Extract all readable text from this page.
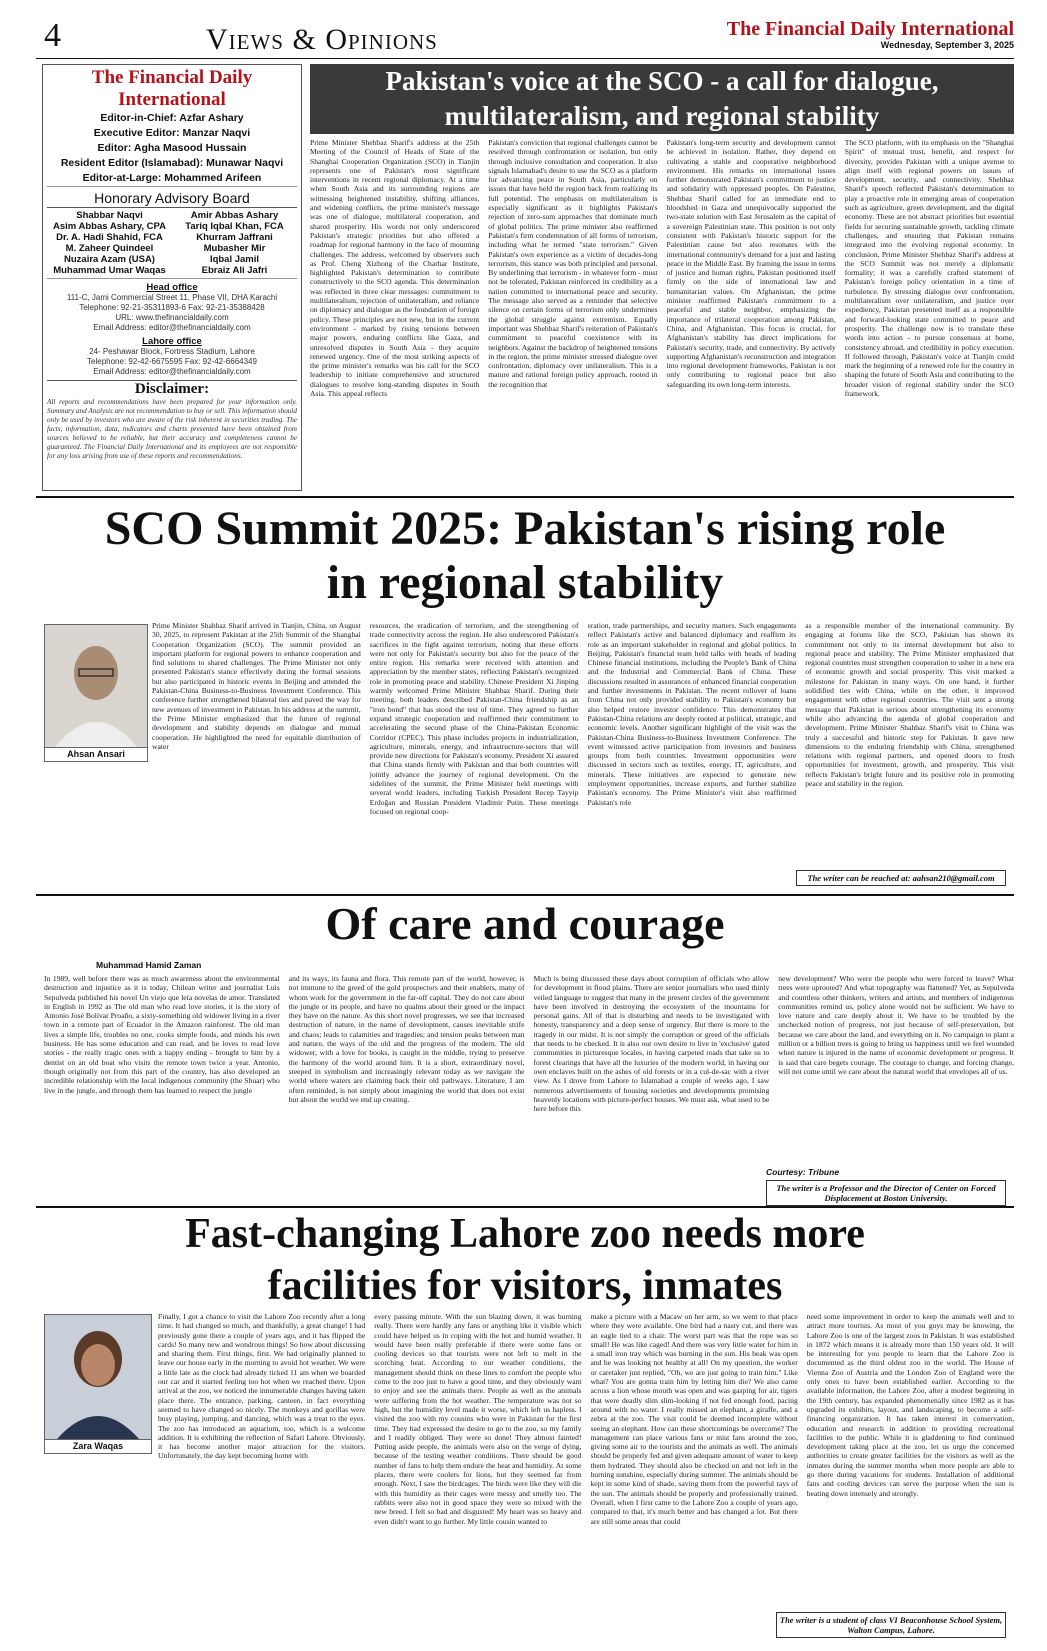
4	Views & Opinions	The Financial Daily International
Wednesday, September 3, 2025
The Financial Daily International
Editor-in-Chief: Azfar Ashary
Executive Editor: Manzar Naqvi
Editor: Agha Masood Hussain
Resident Editor (Islamabad): Munawar Naqvi
Editor-at-Large: Mohammed Arifeen
Honorary Advisory Board
Shabbar Naqvi
Asim Abbas Ashary, CPA
Dr. A. Hadi Shahid, FCA
M. Zaheer Quindeel
Nuzaira Azam (USA)
Muhammad Umar Waqas
Amir Abbas Ashary
Tariq Iqbal Khan, FCA
Khurram Jaffrani
Mubasher Mir
Iqbal Jamil
Ebraiz Ali Jafri
Head office
111-C, Jami Commercial Street 11, Phase VII, DHA Karachi
Telephone: 92-21-35311893-6 Fax: 92-21-35388428
URL: www.thefinancialdaily.com
Email Address: editor@thefinancialdaily.com
Lahore office
24- Peshawar Block, Fortress Stadium, Lahore
Telephone: 92-42-6675595 Fax: 92-42-6664349
Email Address: editor@thefinancialdaily.com
Disclaimer:
All reports and recommendations have been prepared for your information only. Summary and Analysis are not recommendation to buy or sell. This information should only be used by investors who are aware of the risk inherent in securities trading. The facts, information, data, indicators and charts presented have been obtained from sources believed to be reliable, but their accuracy and completeness cannot be guaranteed. The Financial Daily International and its employees are not responsible for any loss arising from use of these reports and recommendations.
Pakistan's voice at the SCO - a call for dialogue,
multilateralism, and regional stability
Prime Minister Shehbaz Sharif's address at the 25th Meeting of the Council of Heads of State of the Shanghai Cooperation Organization (SCO) in Tianjin represents one of Pakistan's most significant interventions in recent regional diplomacy. At a time when South Asia and its surrounding regions are witnessing heightened instability, shifting alliances, and widening conflicts, the prime minister's message was one of dialogue, multilateral cooperation, and shared prosperity. His words not only underscored Pakistan's strategic priorities but also offered a roadmap for regional harmony in the face of mounting challenges. The address, welcomed by observers such as Prof. Cheng Xizhong of the Charhar Institute, highlighted Pakistan's determination to contribute constructively to the SCO agenda. This determination was reflected in three clear messages: commitment to multilateralism, rejection of unilateralism, and reliance on diplomacy and dialogue as the foundation of foreign policy. These principles are not new, but in the current environment - marked by rising tensions between major powers, enduring conflicts like Gaza, and unresolved disputes in South Asia - they acquire renewed urgency. One of the most striking aspects of the prime minister's remarks was his call for the SCO leadership to initiate comprehensive and structured dialogues to resolve long-standing disputes in South Asia. This appeal reflects
Pakistan's conviction that regional challenges cannot be resolved through confrontation or isolation, but only through inclusive consultation and cooperation. It also signals Islamabad's desire to use the SCO as a platform for advancing peace in South Asia, particularly on issues that have held the region back from realizing its full potential. The emphasis on multilateralism is especially significant as it highlights Pakistan's rejection of zero-sum approaches that dominate much of global politics. The prime minister also reaffirmed Pakistan's firm condemnation of all forms of terrorism, including what he termed "state terrorism." Given Pakistan's own experience as a victim of decades-long terrorism, this stance was both principled and personal. By underlining that terrorism - in whatever form - must not be tolerated, Pakistan reinforced its credibility as a nation committed to international peace and security. The message also served as a reminder that selective silence on certain forms of terrorism only undermines the global struggle against extremism. Equally important was Shehbaz Sharif's reiteration of Pakistan's commitment to peaceful coexistence with its neighbors. Against the backdrop of heightened tensions in the region, the prime minister stressed dialogue over confrontation, diplomacy over unilateralism. This is a mature and rational foreign policy approach, rooted in the recognition that
Pakistan's long-term security and development cannot be achieved in isolation. Rather, they depend on cultivating a stable and cooperative neighborhood environment. His remarks on international issues further demonstrated Pakistan's commitment to justice and solidarity with oppressed peoples. On Palestine, Shehbaz Sharif called for an immediate end to bloodshed in Gaza and unequivocally supported the two-state solution with East Jerusalem as the capital of a sovereign Palestinian state. This position is not only consistent with Pakistan's historic support for the Palestinian cause but also resonates with the international community's demand for a just and lasting peace in the Middle East. By framing the issue in terms of justice and human rights, Pakistan positioned itself firmly on the side of international law and humanitarian values. On Afghanistan, the prime minister reaffirmed Pakistan's commitment to a peaceful and stable neighbor, emphasizing the importance of trilateral cooperation among Pakistan, China, and Afghanistan. This focus is crucial, for Afghanistan's stability has direct implications for Pakistan's security, trade, and connectivity. By actively supporting Afghanistan's reconstruction and integration into regional development frameworks, Pakistan is not only contributing to regional peace but also safeguarding its own long-term interests.
The SCO platform, with its emphasis on the "Shanghai Spirit" of mutual trust, benefit, and respect for diversity, provides Pakistan with a unique avenue to align itself with regional powers on issues of development, security, and connectivity. Shehbaz Sharif's speech reflected Pakistan's determination to play a proactive role in emerging areas of cooperation such as agriculture, green development, and the digital economy. These are not abstract priorities but essential fields for securing sustainable growth, tackling climate challenges, and ensuring that Pakistan remains integrated into the evolving regional economy. In conclusion, Prime Minister Shehbaz Sharif's address at the SCO Summit was not merely a diplomatic formality; it was a carefully crafted statement of Pakistan's foreign policy orientation in a time of turbulence. By stressing dialogue over confrontation, multilateralism over unilateralism, and justice over expediency, Pakistan presented itself as a responsible and forward-looking state committed to peace and prosperity. The challenge now is to translate these words into action - to pursue consensus at home, consistency abroad, and credibility in policy execution. If followed through, Pakistan's voice at Tianjin could mark the beginning of a renewed role for the country in shaping the future of South Asia and contributing to the broader vision of regional stability under the SCO framework.
SCO Summit 2025: Pakistan's rising role
in regional stability
Ahsan Ansari
Prime Minister Shahbaz Sharif arrived in Tianjin, China, on August 30, 2025, to represent Pakistan at the 25th Summit of the Shanghai Cooperation Organization (SCO). The summit provided an important platform for regional powers to enhance cooperation and find solutions to shared challenges. The Prime Minister not only presented Pakistan's stance effectively during the formal sessions but also participated in historic events in Beijing and attended the Pakistan-China Business-to-Business Investment Conference. This conference further strengthened bilateral ties and paved the way for new avenues of investment in Pakistan. In his address at the summit, the Prime Minister emphasized that the future of regional development and stability depends on dialogue and mutual cooperation. He highlighted the need for equitable distribution of water
resources, the eradication of terrorism, and the strengthening of trade connectivity across the region. He also underscored Pakistan's sacrifices in the fight against terrorism, noting that these efforts were not only for Pakistan's security but also for the peace of the entire region. His remarks were received with attention and appreciation by the member states, reflecting Pakistan's recognized role in promoting peace and stability. Chinese President Xi Jinping warmly welcomed Prime Minister Shahbaz Sharif. During their meeting, both leaders described Pakistan-China friendship as an "iron bond" that has stood the test of time. They agreed to further expand strategic cooperation and reaffirmed their commitment to accelerating the second phase of the China-Pakistan Economic Corridor (CPEC). This phase includes projects in industrialization, agriculture, minerals, energy, and infrastructure-sectors that will provide new directions for Pakistan's economy. President Xi assured that China stands firmly with Pakistan and that both countries will jointly advance the journey of regional development. On the sidelines of the summit, the Prime Minister held meetings with several world leaders, including Turkish President Recep Tayyip Erdoğan and Russian President Vladimir Putin. These meetings focused on regional coop-
eration, trade partnerships, and security matters. Such engagements reflect Pakistan's active and balanced diplomacy and reaffirm its role as an important stakeholder in regional and global politics. In Beijing, Pakistan's financial team held talks with heads of leading Chinese financial institutions, including the People's Bank of China and the Industrial and Commercial Bank of China. These discussions resulted in assurances of enhanced financial cooperation and further investments in Pakistan. The recent rollover of loans from China not only provided stability to Pakistan's economy but also helped restore investor confidence. This demonstrates that Pakistan-China relations are deeply rooted at political, strategic, and economic levels. Another significant highlight of the visit was the Pakistan-China Business-to-Business Investment Conference. The event witnessed active participation from investors and business groups from both countries. Investment opportunities were discussed in sectors such as textiles, energy, IT, agriculture, and minerals. These initiatives are expected to generate new employment opportunities, increase exports, and further stabilize Pakistan's economy. The Prime Minister's visit also reaffirmed Pakistan's role
as a responsible member of the international community. By engaging at forums like the SCO, Pakistan has shown its commitment not only to its internal development but also to regional peace and stability. The Prime Minister emphasized that regional countries must strengthen cooperation to usher in a new era of economic growth and social prosperity. This visit marked a milestone for Pakistan in many ways. On one hand, it further solidified ties with China, while on the other, it improved engagement with other regional countries. The visit sent a strong message that Pakistan is serious about strengthening its economy while also advancing the agenda of global cooperation and development. Prime Minister Shahbaz Sharif's visit to China was truly a successful and historic step for Pakistan. It gave new dimensions to the enduring friendship with China, strengthened relations with regional partners, and opened doors to fresh opportunities for investment, growth, and prosperity. This visit reflects Pakistan's bright future and its positive role in promoting peace and stability in the region.
The writer can be reached at: aahsan210@gmail.com
Of care and courage
Muhammad Hamid Zaman
In 1989, well before there was as much awareness about the environmental destruction and injustice as it is today, Chilean writer and journalist Luis Sepulveda published his novel Un viejo que leía novelas de amor. Translated in English in 1992 as The old man who read love stories, it is the story of Antonio José Bolívar Proaño, a sixty-something old widower living in a river town in a remote part of Ecuador in the Amazon rainforest. The old man lives a simple life, troubles no one, cooks simple foods, and minds his own business. He has some education and can read, and he loves to read love stories - the really tragic ones with a happy ending - brought to him by a dentist on an old boat who visits the remote town twice a year. Antonio, though originally not from this part of the country, has also developed an incredible relationship with the local indigenous community (the Shuar) who live in the jungle, and through them has learned to respect the jungle
and its ways, its fauna and flora. This remote part of the world, however, is not immune to the greed of the gold prospectors and their enablers, many of whom work for the government in the far-off capital. They do not care about the jungle or its people, and have no qualms about their greed or the impact they have on the nature. As this short novel progresses, we see that increased destruction of nature, in the name of development, causes inevitable strife and chaos; leads to calamities and tragedies; and tension peaks between man and nature, the ways of the old and the progress of the modern. The old widower, with a love for books, is caught in the middle, trying to preserve the harmony of the world around him. It is a short, extraordinary novel, steeped in symbolism and increasingly relevant today as we navigate the world where waters are claiming back their old pathways. Literature, I am often reminded, is not simply about imagining the world that does not exist but about the world we end up creating.
Much is being discussed these days about corruption of officials who allow for development in flood plains. There are senior journalists who used thinly veiled language to suggest that many in the present circles of the government have been involved in destroying the ecosystem of the mountains for personal gains. All of that is disturbing and needs to be investigated with honesty, transparency and a deep sense of urgency. But there is more to the tragedy in our midst. It is not simply the corruption or greed of the officials that needs to be checked. It is also our own desire to live in 'exclusive' gated communities in picturesque locales, in having carpeted roads that take us to forest clearings that have all the luxuries of the modern world, in having our own enclaves built on the ashes of old forests or in a cul-de-sac with a river view. As I drove from Lahore to Islamabad a couple of weeks ago, I saw numerous advertisements of housing societies and developments promising heavenly locations with picture-perfect houses. We must ask, what used to be here before this
new development? Who were the people who were forced to leave? What trees were uprooted? And what topography was flattened? Yet, as Sepulveda and countless other thinkers, writers and artists, and members of indigenous communities remind us, policy alone would not be sufficient. We have to love nature and care deeply about it. We have to be troubled by the unchecked notion of progress, not just because of self-preservation, but because we care about the land, and everything on it. No campaign to plant a million or a billion trees is going to bring us happiness until we feel wounded when nature is injured in the name of economic development or progress. It is said that care begets courage. The courage to change, and forcing change, will not come until we care about the natural world that envelopes all of us.
Courtesy: Tribune
The writer is a Professor and the Director of Center on Forced Displacement at Boston University.
Fast-changing Lahore zoo needs more
facilities for visitors, inmates
Zara Waqas
Finally, I got a chance to visit the Lahore Zoo recently after a long time. It had changed so much, and thankfully, a great change! I had previously gone there a couple of years ago, and it has flipped the cards! So many new and wondrous things! So how about discussing and sharing them. First things, first. We had originally planned to leave our house early in the morning to avoid hot weather. We were a little late as the clock had already ticked 11 am when we boarded our car and it started feeling too hot when we reached there. Upon arrival at the zoo, we noticed the innumerable changes having taken place there. The entrance, parking, canteen, in fact everything seemed to have changed so nicely. The monkeys and gorillas were busy playing, jumping, and dancing, which was a treat to the eyes. The zoo has introduced an aquarium, too, which is a welcome addition. It is exhibiting the reflection of Safari Lahore. Obviously, it has become another major attraction for the visitors. Unfortunately, the day kept becoming hotter with
every passing minute. With the sun blazing down, it was burning really. There were hardly any fans or anything like it visible which could have helped us in coping with the hot and humid weather. It would have been really preferable if there were some fans or cooling devices so that tourists were not left to melt in the scorching heat. According to our weather conditions, the management should think on these lines to comfort the people who come to the zoo just to have a good time, and they obviously want to enjoy and see the animals there. People as well as the animals were suffering from the hot weather. The temperature was not so high, but the humidity level made it worse, which left us hapless. I visited the zoo with my cousins who were in Pakistan for the first time. They had expressed the desire to go to the zoo, so my family and I readily obliged. They were so done! They almost fainted! Putting aside people, the animals were also on the verge of dying, because of the testing weather conditions. There should be good number of fans to help them endure the heat and humidity. At some places, there were coolers for lions, but they seemed far from enough. Next, I saw the birdcages. The birds were like they will die with this humidity as their cages were messy and smelly too. The rabbits were also not in good space they were so mixed with the new breed. I felt so bad and disgusted! My heart was so heavy and even didn't want to go further. My little cousin wanted to
make a picture with a Macaw on her arm, so we went to that place where they were available. One bird had a nasty cut, and there was an eagle tied to a chair. The worst part was that the rope was so small! He was like caged! And there was very little water for him in a small iron tray which was burning in the sun. His beak was open and he was looking not healthy at all! On my question, the worker or caretaker just replied, "Oh, we are just going to train him." Like what? You are gonna train him by letting him die? We also came across a lion whose mouth was open and was gasping for air, tigers that were deadly slim slim-looking if not fed enough food, pacing around with no water. I really missed an elephant, a giraffe, and a zebra at the zoo. The visit could be deemed incomplete without seeing an elephant. How can these shortcomings be overcome? The management can place various fans or mist fans around the zoo, giving some air to the tourists and the animals as well. The animals should be properly fed and given adequate amount of water to keep them hydrated. They should also be checked on and not left in the burning sunshine, especially during summer. The animals should be kept in some kind of shade, saving them from the powerful rays of the sun. The animals should be properly and professionally trained. Overall, when I first came to the Lahore Zoo a couple of years ago, compared to that, it's much better and has changed a lot. But there are still some areas that could
need some improvement in order to keep the animals well and to attract more tourists. As most of you guys may be knowing, the Lahore Zoo is one of the largest zoos in Pakistan. It was established in 1872 which means it is already more than 150 years old. It will be interesting for you people to learn that the Lahore Zoo is documented as the third oldest zoo in the world. The House of Vienna Zoo of Austria and the London Zoo of England were the only ones to have been established earlier. According to the available information, the Lahore Zoo, after a modest beginning in the 19th century, has expanded phenomenally since 1982 as it has upgraded its exhibits, layout, and landscaping, to become a self-financing organization. It has taken interest in conservation, education and research in addition to providing recreational facilities to the public. While it is gladdening to find continued development taking place at the zoo, let us urge the concerned authorities to create greater facilities for the visitors as well as the inmates during the summer months when more people are able to go there during vacations for students. Installation of additional fans and cooling devices can serve the purpose when the sun is beating down intensely and strongly.
The writer is a student of class VI Beaconhouse School System, Walton Campus, Lahore.
